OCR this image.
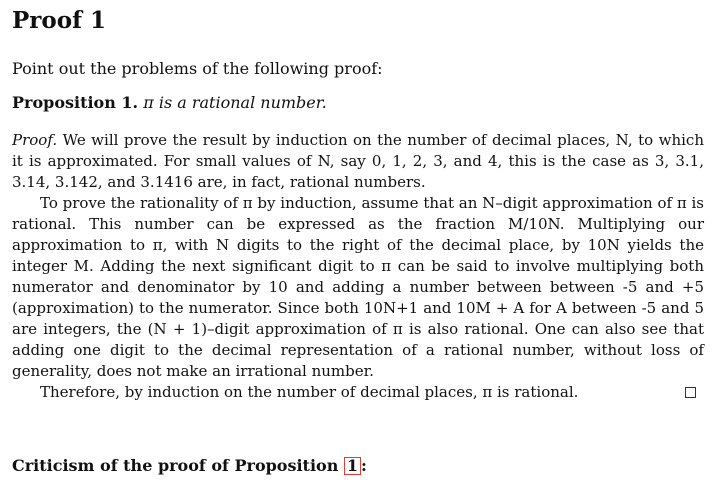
Proof 1
Point out the problems of the following proof:
Proposition 1. π is a rational number.

Proof. We will prove the result by induction on the number of decimal places, N, to which it is approximated. For small values of N, say 0, 1, 2, 3, and 4, this is the case as 3, 3.1, 3.14, 3.142, and 3.1416 are, in fact, rational numbers.

To prove the rationality of π by induction, assume that an N–digit approximation of π is rational. This number can be expressed as the fraction M/10N. Multiplying our approximation to π, with N digits to the right of the decimal place, by 10N yields the integer M. Adding the next significant digit to π can be said to involve multiplying both numerator and denominator by 10 and adding a number between between -5 and +5 (approximation) to the numerator. Since both 10N+1 and 10M + A for A between -5 and 5 are integers, the (N + 1)–digit approximation of π is also rational. One can also see that adding one digit to the decimal representation of a rational number, without loss of generality, does not make an irrational number.

Therefore, by induction on the number of decimal places, π is rational.

Criticism of the proof of Proposition 1 :
